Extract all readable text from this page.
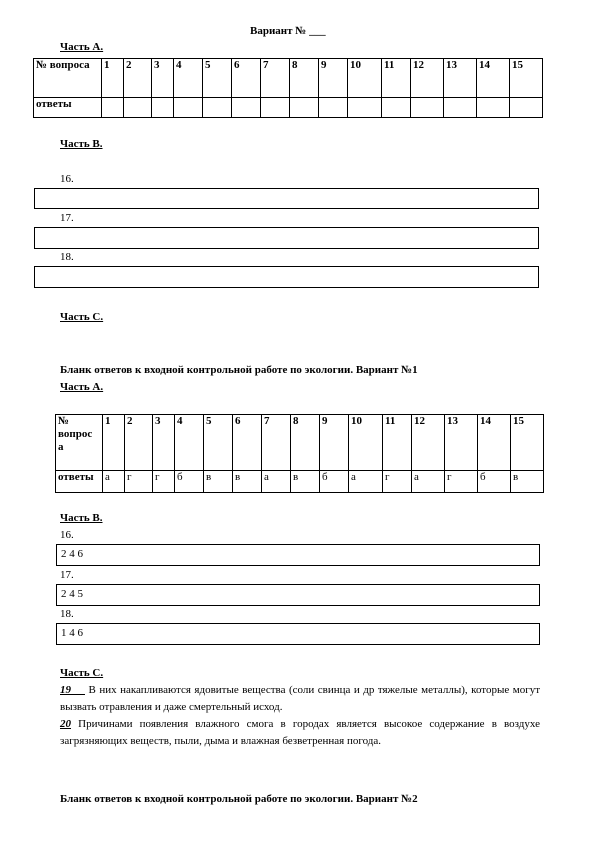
Вариант № ___
Часть А.
№ вопроса	1	2	3	4	5	6	7	8	9	10	11	12	13	14	15
ответы															
Часть В.
16.
17.
18.
Часть С.
Бланк ответов к входной контрольной работе по экологии. Вариант №1
Часть А.
№ вопрос а	1	2	3	4	5	6	7	8	9	10	11	12	13	14	15
ответы	а	г	г	б	в	в	а	в	б	а	г	а	г	б	в
Часть В.
16.
2 4 6
17.
2 4 5
18.
1 4 6
Часть С.
19 В них накапливаются ядовитые вещества (соли свинца и др тяжелые металлы), которые могут вызвать отравления и даже смертельный исход.
20 Причинами появления влажного смога в городах является высокое содержание в воздухе загрязняющих веществ, пыли, дыма и влажная безветренная погода.
Бланк ответов к входной контрольной работе по экологии. Вариант №2
